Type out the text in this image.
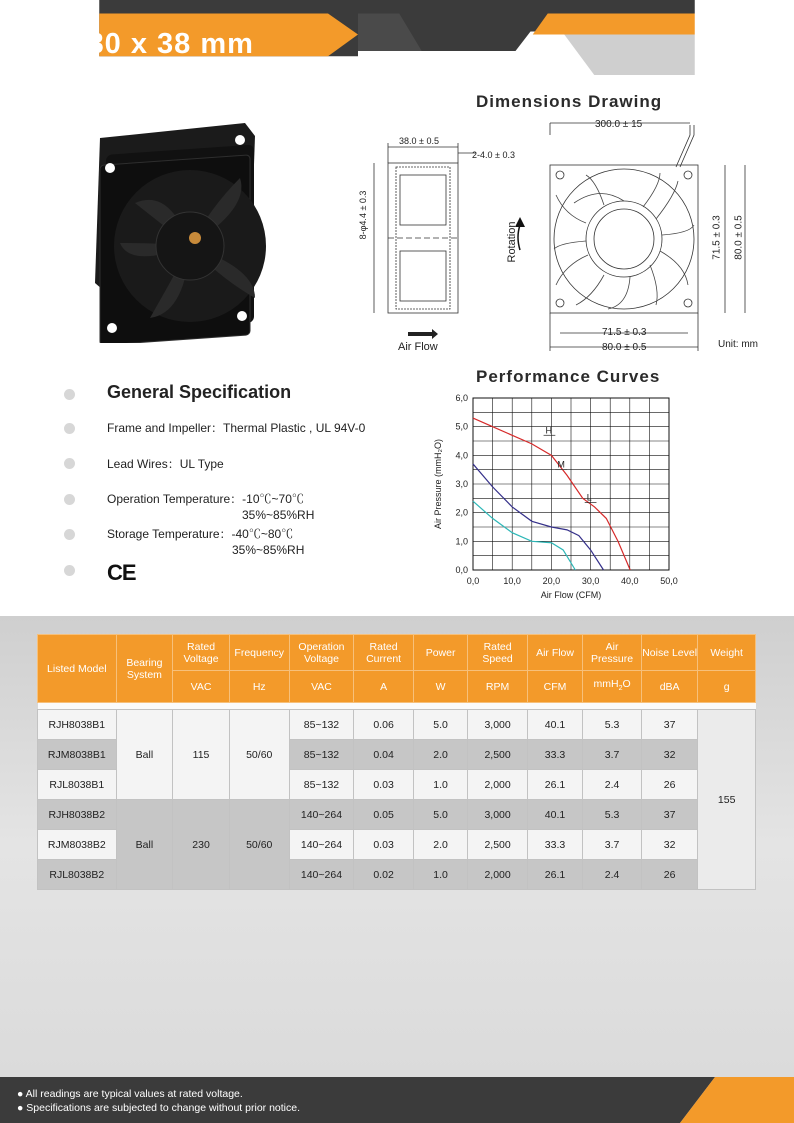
80 x 80 x 38 mm	J Series
Dimensions Drawing
38.0 ± 0.5
2-4.0 ± 0.3
8-φ4.4 ± 0.3
Air Flow
Rotation
300.0 ± 15
71.5 ± 0.3 80.0 ± 0.5
71.5 ± 0.3
80.0 ± 0.5	Unit: mm
General Specification
Frame and Impeller：Thermal Plastic , UL 94V-0
Lead Wires：UL Type
Operation Temperature：-10℃~70℃
35%~85%RH
Storage Temperature：-40℃~80℃
35%~85%RH
CE
Performance Curves
0,0
1,0
2,0
3,0
4,0
5,0
6,0
0,0	10,0 20,0 30,0 40,0 50,0
Air Flow (CFM)
Air Pressure (mmH₂O)
H
M
L
Listed Model	Bearing System	Rated Voltage	Frequency	Operation Voltage	Rated Current	Power	Rated Speed	Air Flow	Air Pressure	Noise Level	Weight
		VAC	Hz	VAC	A	W	RPM	CFM	mmH$_2$O	dBA	g

RJH8038B1	Ball	115	50/60	85~132	0.06	5.0	3,000	40.1	5.3	37	155
RJM8038B1				85~132	0.04	2.0	2,500	33.3	3.7	32	
RJL8038B1				85~132	0.03	1.0	2,000	26.1	2.4	26	
RJH8038B2	Ball	230	50/60	140~264	0.05	5.0	3,000	40.1	5.3	37	
RJM8038B2				140~264	0.03	2.0	2,500	33.3	3.7	32	
RJL8038B2				140~264	0.02	1.0	2,000	26.1	2.4	26	
● All readings are typical values at rated voltage.
● Specifications are subjected to change without prior notice.
